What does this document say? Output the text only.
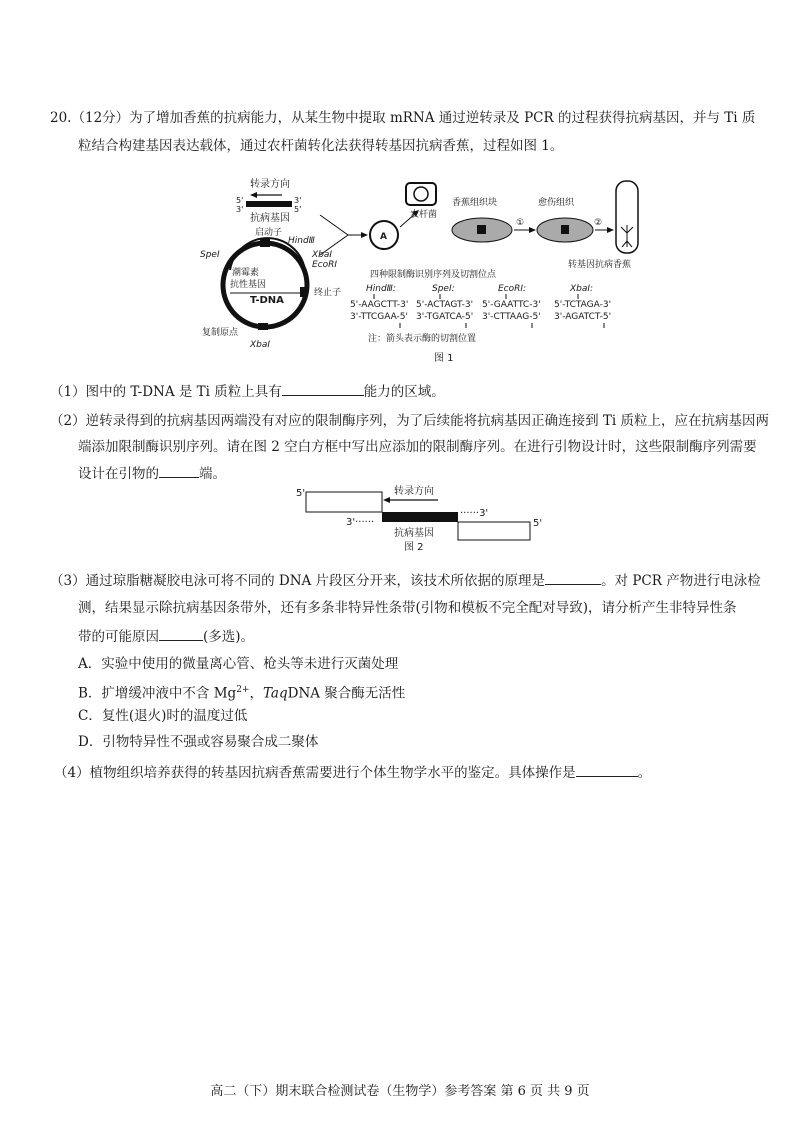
20.（12分）为了增加香蕉的抗病能力，从某生物中提取 mRNA 通过逆转录及 PCR 的过程获得抗病基因，并与 Ti 质
粒结合构建基因表达载体，通过农杆菌转化法获得转基因抗病香蕉，过程如图 1。
转录方向
5'
3'
3'
5'
抗病基因
启动子
HindⅢ
XbaⅠ
EcoRⅠ
SpeⅠ
潮霉素
抗性基因
T-DNA
终止子
复制原点
XbaⅠ
A
农杆菌
香蕉组织块
①
愈伤组织
②
转基因抗病香蕉
四种限制酶识别序列及切割位点
HindⅢ:
5'-AAGCTT-3'
3'-TTCGAA-5'
SpeⅠ:
5'-ACTAGT-3'
3'-TGATCA-5'
EcoRⅠ:
5'-GAATTC-3'
3'-CTTAAG-5'
XbaⅠ:
5'-TCTAGA-3'
3'-AGATCT-5'
注：箭头表示酶的切割位置
图 1
（1）图中的 T-DNA 是 Ti 质粒上具有	能力的区域。
（2）逆转录得到的抗病基因两端没有对应的限制酶序列，为了后续能将抗病基因正确连接到 Ti 质粒上，应在抗病基因两
端添加限制酶识别序列。请在图 2 空白方框中写出应添加的限制酶序列。在进行引物设计时，这些限制酶序列需要
设计在引物的	端。
5'	转录方向
3'······
······3'
5'
抗病基因
图 2
（3）通过琼脂糖凝胶电泳可将不同的 DNA 片段区分开来，该技术所依据的原理是	。对 PCR 产物进行电泳检
测，结果显示除抗病基因条带外，还有多条非特异性条带(引物和模板不完全配对导致)，请分析产生非特异性条
带的可能原因	(多选)。
A．实验中使用的微量离心管、枪头等未进行灭菌处理
B．扩增缓冲液中不含 $Mg^{2+}$，TaqDNA 聚合酶无活性
C．复性(退火)时的温度过低
D．引物特异性不强或容易聚合成二聚体
（4）植物组织培养获得的转基因抗病香蕉需要进行个体生物学水平的鉴定。具体操作是	。
高二（下）期末联合检测试卷（生物学）参考答案 第 6 页 共 9 页
